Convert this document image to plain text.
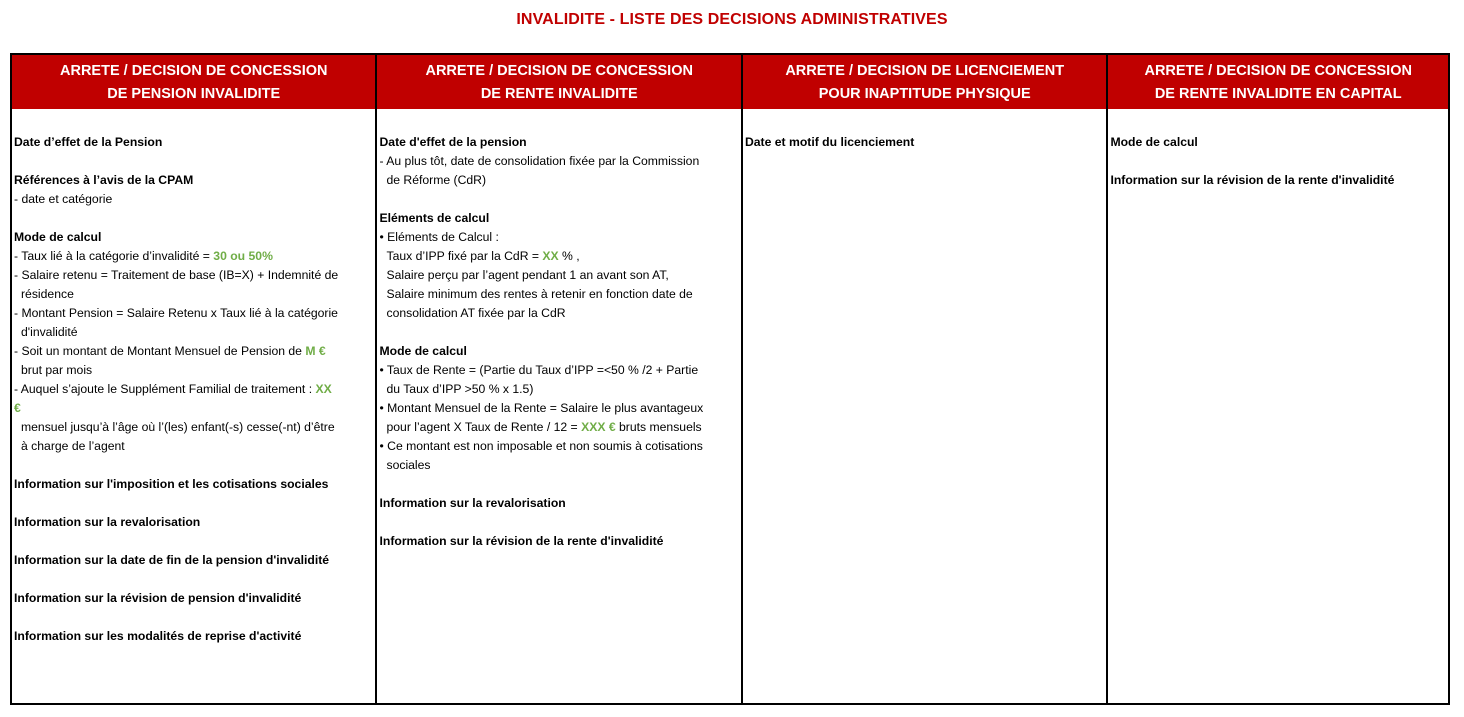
INVALIDITE - LISTE DES DECISIONS ADMINISTRATIVES
ARRETE / DECISION DE CONCESSION
DE PENSION INVALIDITE
Date d’effet de la Pension
Références à l’avis de la CPAM
- date et catégorie
Mode de calcul
- Taux lié à la catégorie d’invalidité = 30 ou 50%
- Salaire retenu = Traitement de base (IB=X) + Indemnité de
résidence
- Montant Pension = Salaire Retenu x Taux lié à la catégorie
d'invalidité
- Soit un montant de Montant Mensuel de Pension de M €
brut par mois
- Auquel s’ajoute le Supplément Familial de traitement : XX
€
mensuel jusqu’à l’âge où l’(les) enfant(-s) cesse(-nt) d’être
à charge de l’agent
Information sur l'imposition et les cotisations sociales
Information sur la revalorisation
Information sur la date de fin de la pension d'invalidité
Information sur la révision de pension d'invalidité
Information sur les modalités de reprise d'activité
ARRETE / DECISION DE CONCESSION
DE RENTE INVALIDITE
Date d'effet de la pension
- Au plus tôt, date de consolidation fixée par la Commission
de Réforme (CdR)
Eléments de calcul
• Eléments de Calcul :
Taux d’IPP fixé par la CdR = XX % ,
Salaire perçu par l’agent pendant 1 an avant son AT,
Salaire minimum des rentes à retenir en fonction date de
consolidation AT fixée par la CdR
Mode de calcul
• Taux de Rente = (Partie du Taux d’IPP =<50 % /2 + Partie
du Taux d’IPP >50 % x 1.5)
• Montant Mensuel de la Rente = Salaire le plus avantageux
pour l’agent X Taux de Rente / 12 = XXX € bruts mensuels
• Ce montant est non imposable et non soumis à cotisations
sociales
Information sur la revalorisation
Information sur la révision de la rente d'invalidité
ARRETE / DECISION DE LICENCIEMENT
POUR INAPTITUDE PHYSIQUE
Date et motif du licenciement
ARRETE / DECISION DE CONCESSION
DE RENTE INVALIDITE EN CAPITAL
Mode de calcul
Information sur la révision de la rente d'invalidité
